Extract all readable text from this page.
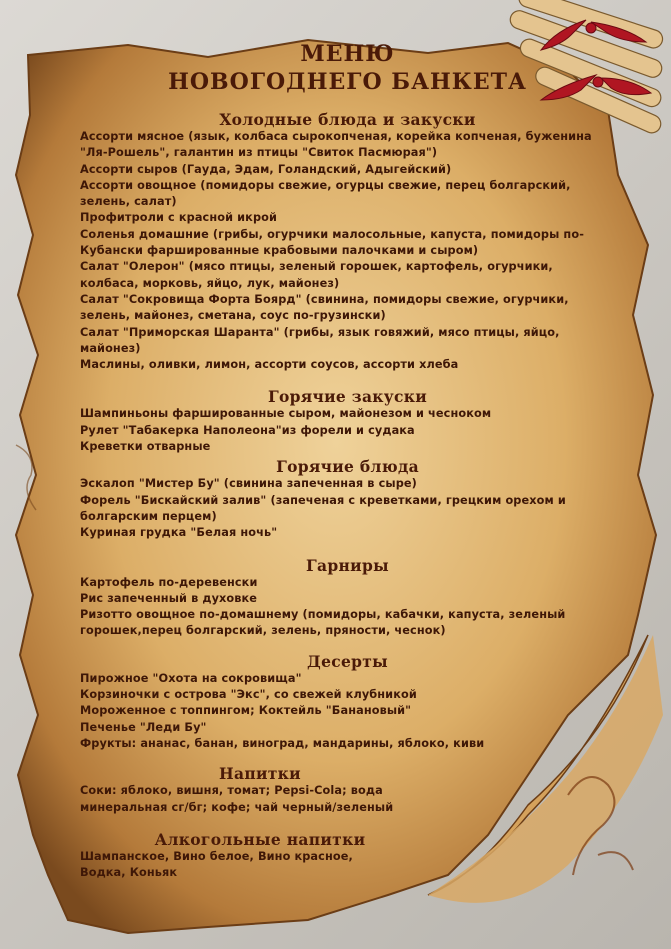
МЕНЮ
НОВОГОДНЕГО БАНКЕТА
Холодные блюда и закуски

Ассорти мясное (язык, колбаса сырокопченая, корейка копченая, буженина "Ля-Рошель", галантин из птицы "Свиток Пасмюрая")

Ассорти сыров (Гауда, Эдам, Голандский, Адыгейский)

Ассорти овощное (помидоры свежие, огурцы свежие, перец болгарский, зелень, салат)

Профитроли с красной икрой

Соленья домашние (грибы, огурчики малосольные, капуста, помидоры по-Кубански фаршированные крабовыми палочками и сыром)

Салат "Олерон" (мясо птицы, зеленый горошек, картофель, огурчики, колбаса, морковь, яйцо, лук, майонез)

Салат "Сокровища Форта Боярд" (свинина, помидоры свежие, огурчики, зелень, майонез, сметана, соус по-грузински)

Салат "Приморская Шаранта" (грибы, язык говяжий, мясо птицы, яйцо, майонез)

Маслины, оливки, лимон, ассорти соусов, ассорти хлеба

Горячие закуски

Шампиньоны фаршированные сыром, майонезом и чесноком

Рулет "Табакерка Наполеона"из форели и судака

Креветки отварные

Горячие блюда

Эскалоп "Мистер Бу" (свинина запеченная в сыре)

Форель "Бискайский залив" (запеченая с креветками, грецким орехом и болгарским перцем)

Куриная грудка "Белая ночь"

Гарниры

Картофель по-деревенски

Рис запеченный в духовке

Ризотто овощное по-домашнему (помидоры, кабачки, капуста, зеленый горошек,перец болгарский, зелень, пряности, чеснок)

Десерты

Пирожное "Охота на сокровища"

Корзиночки с острова "Экс", со свежей клубникой

Мороженное с топпингом; Коктейль "Банановый"

Печенье "Леди Бу"

Фрукты: ананас, банан, виноград, мандарины, яблоко, киви

Напитки

Соки: яблоко, вишня, томат; Pepsi-Cola; вода минеральная сг/бг; кофе; чай черный/зеленый

Алкогольные напитки

Шампанское, Вино белое, Вино красное,

Водка, Коньяк
